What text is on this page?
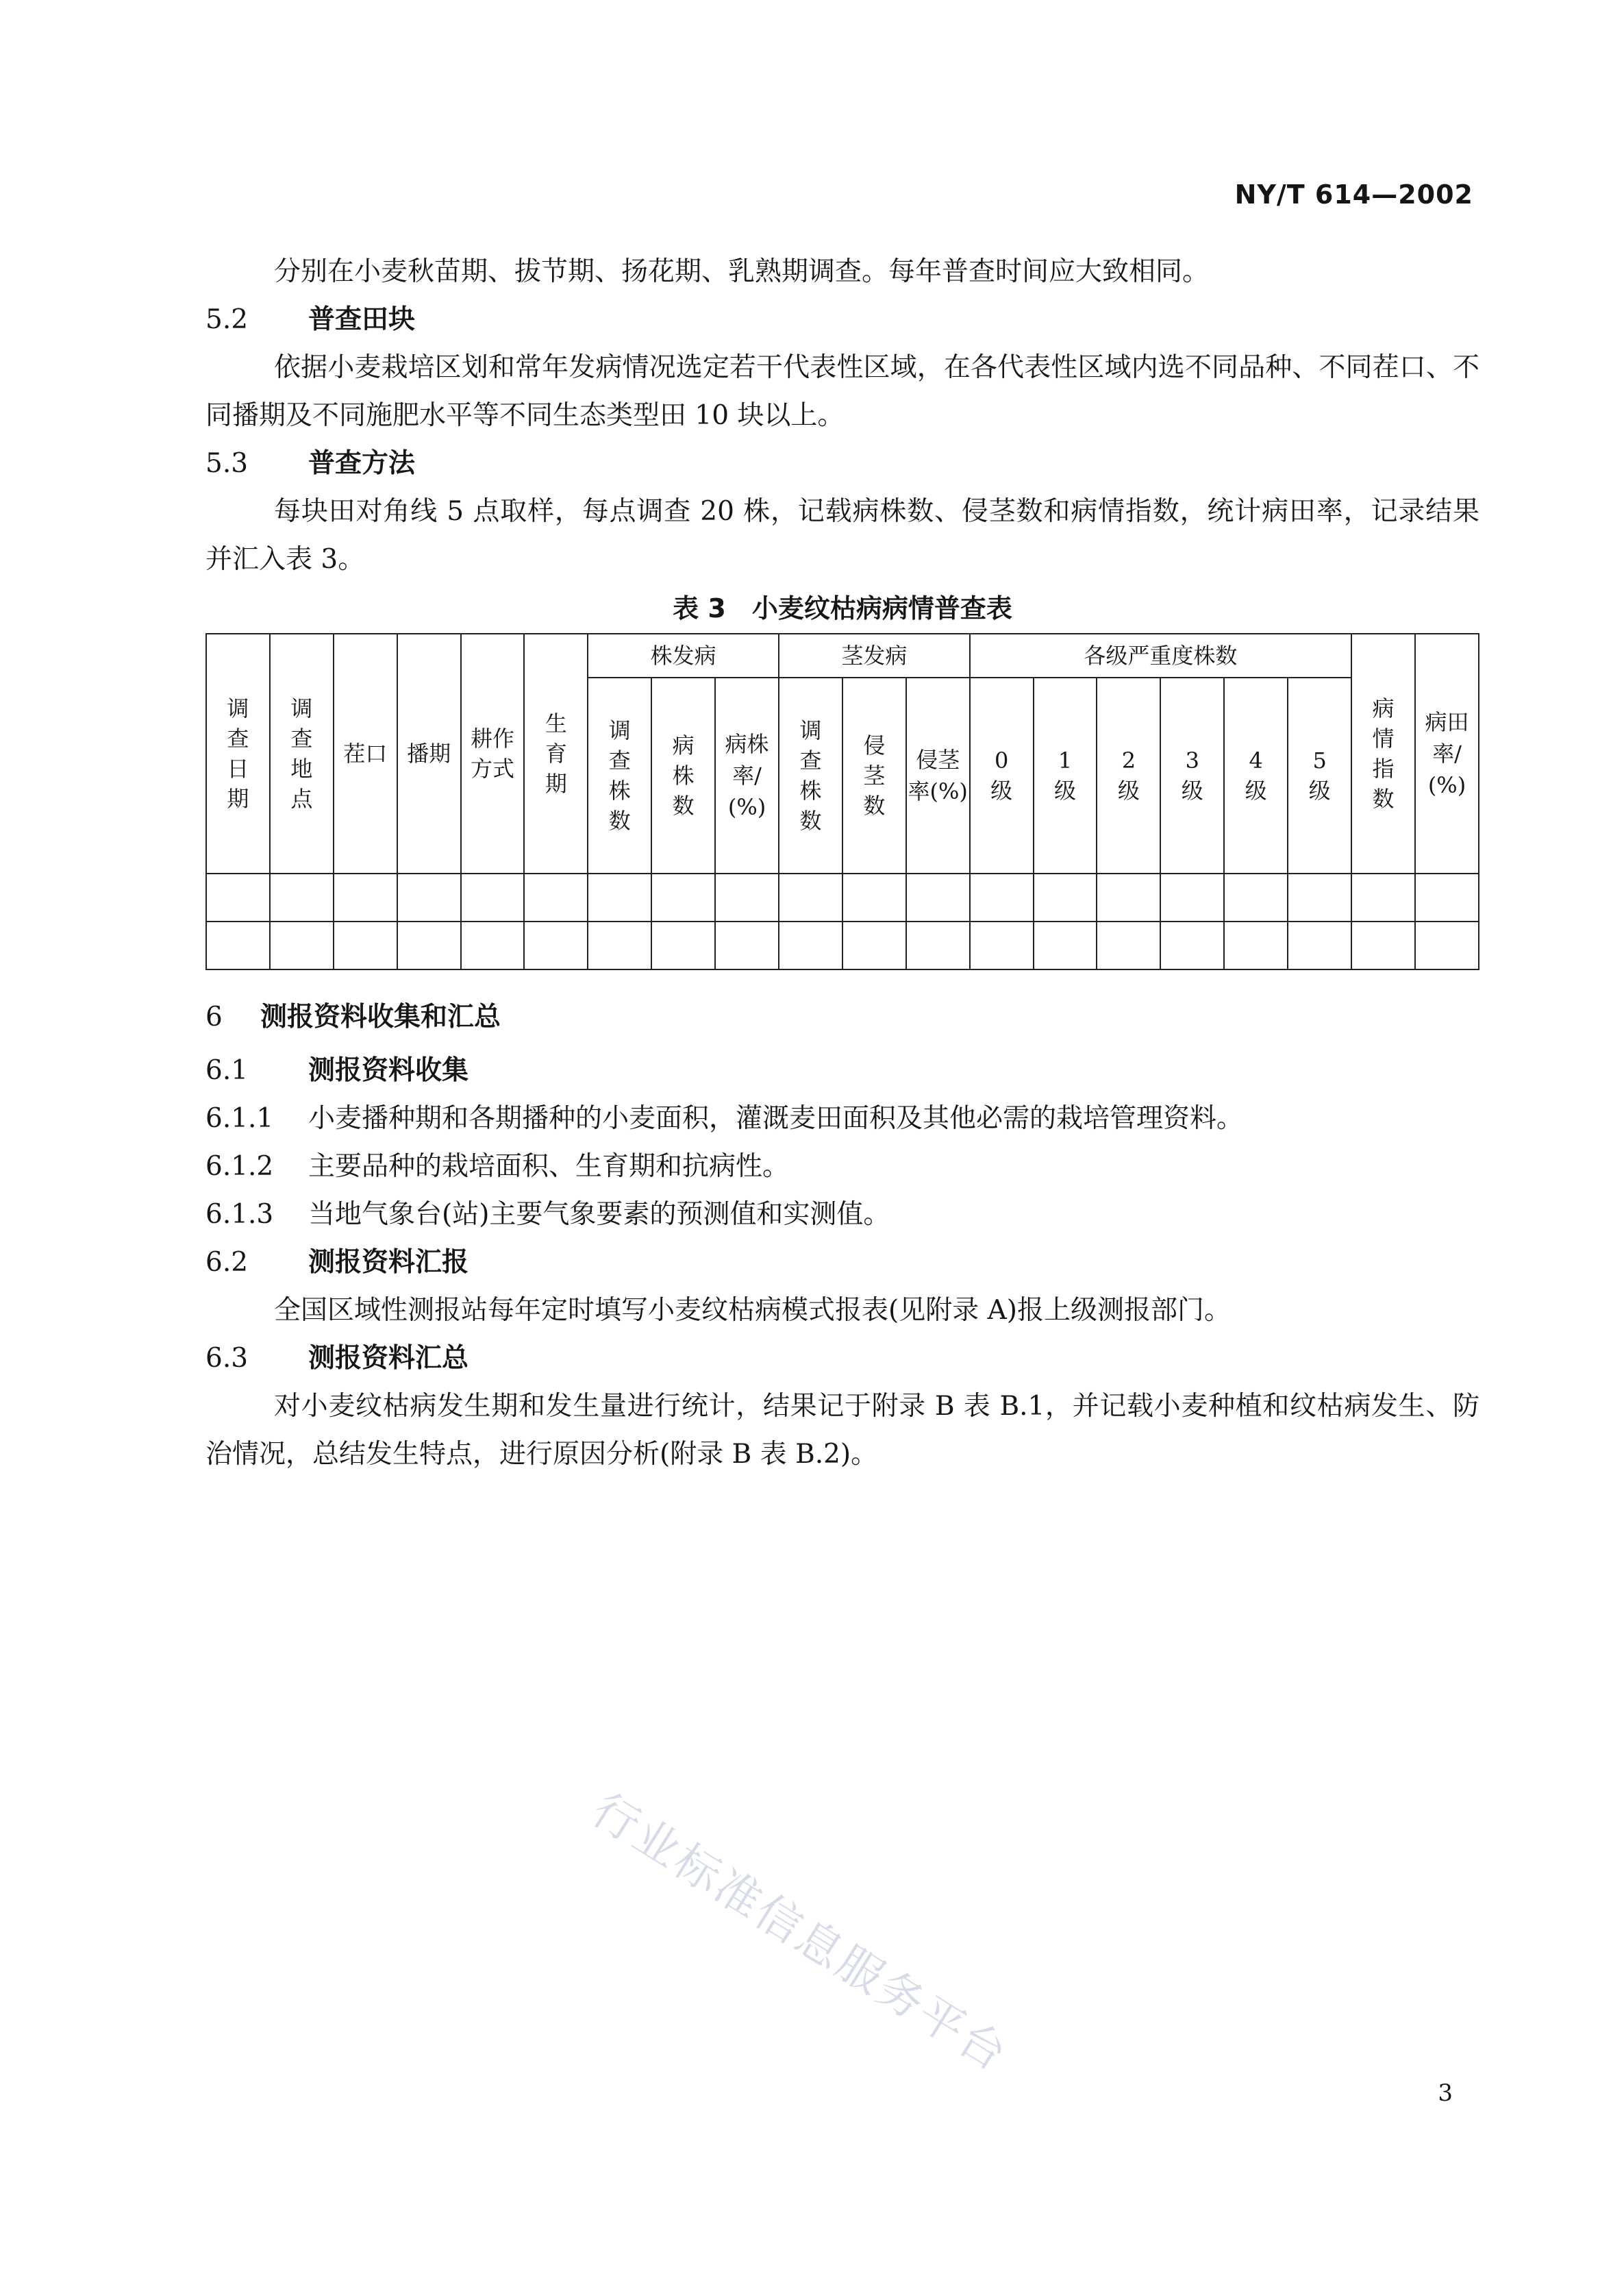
NY/T 614—2002

分别在小麦秋苗期、拔节期、扬花期、乳熟期调查。每年普查时间应大致相同。

5.2 普查田块

依据小麦栽培区划和常年发病情况选定若干代表性区域，在各代表性区域内选不同品种、不同茬口、不同播期及不同施肥水平等不同生态类型田 10 块以上。

5.3 普查方法

每块田对角线 5 点取样，每点调查 20 株，记载病株数、侵茎数和病情指数，统计病田率，记录结果并汇入表 3。

表 3　小麦纹枯病病情普查表
调查日期	调查地点	茬口	播期	耕作方式	生育期	株发病			茎发病			各级严重度株数						病情指数	病田率/(%)
						调查株数	病株数	病株率/(%)	调查株数	侵茎数	侵茎率(%)	0级	1级	2级	3级	4级	5级		

6 测报资料收集和汇总

6.1 测报资料收集

6.1.1 小麦播种期和各期播种的小麦面积，灌溉麦田面积及其他必需的栽培管理资料。

6.1.2 主要品种的栽培面积、生育期和抗病性。

6.1.3 当地气象台(站)主要气象要素的预测值和实测值。

6.2 测报资料汇报

全国区域性测报站每年定时填写小麦纹枯病模式报表(见附录 A)报上级测报部门。

6.3 测报资料汇总

对小麦纹枯病发生期和发生量进行统计，结果记于附录 B 表 B.1，并记载小麦种植和纹枯病发生、防治情况，总结发生特点，进行原因分析(附录 B 表 B.2)。

行业标准信息服务平台
3
